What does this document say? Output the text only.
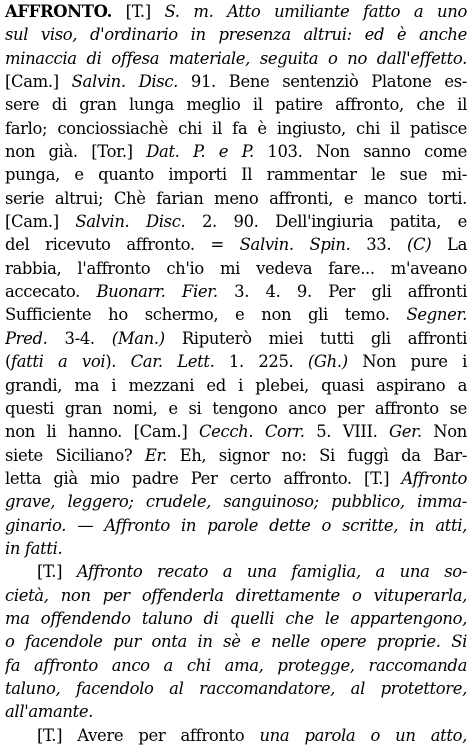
AFFRONTO. [T.] S. m. Atto umiliante fatto a uno
sul viso, d'ordinario in presenza altrui: ed è anche
minaccia di offesa materiale, seguita o no dall'effetto.
[Cam.] Salvin. Disc. 91. Bene sentenziò Platone es-
sere di gran lunga meglio il patire affronto, che il
farlo; conciossiachè chi il fa è ingiusto, chi il patisce
non già. [Tor.] Dat. P. e P. 103. Non sanno come
punga, e quanto importi Il rammentar le sue mi-
serie altrui; Chè farian meno affronti, e manco torti.
[Cam.] Salvin. Disc. 2. 90. Dell'ingiuria patita, e
del ricevuto affronto. = Salvin. Spin. 33. (C) La
rabbia, l'affronto ch'io mi vedeva fare... m'aveano
accecato. Buonarr. Fier. 3. 4. 9. Per gli affronti
Sufficiente ho schermo, e non gli temo. Segner.
Pred. 3-4. (Man.) Riputerò miei tutti gli affronti
(fatti a voi). Car. Lett. 1. 225. (Gh.) Non pure i
grandi, ma i mezzani ed i plebei, quasi aspirano a
questi gran nomi, e si tengono anco per affronto se
non li hanno. [Cam.] Cecch. Corr. 5. VIII. Ger. Non
siete Siciliano? Er. Eh, signor no: Si fuggì da Bar-
letta già mio padre Per certo affronto. [T.] Affronto
grave, leggero; crudele, sanguinoso; pubblico, imma-
ginario. — Affronto in parole dette o scritte, in atti,
in fatti.
[T.] Affronto recato a una famiglia, a una so-
cietà, non per offenderla direttamente o vituperarla,
ma offendendo taluno di quelli che le appartengono,
o facendole pur onta in sè e nelle opere proprie. Si
fa affronto anco a chi ama, protegge, raccomanda
taluno, facendolo al raccomandatore, al protettore,
all'amante.
[T.] Avere per affronto una parola o un atto,
